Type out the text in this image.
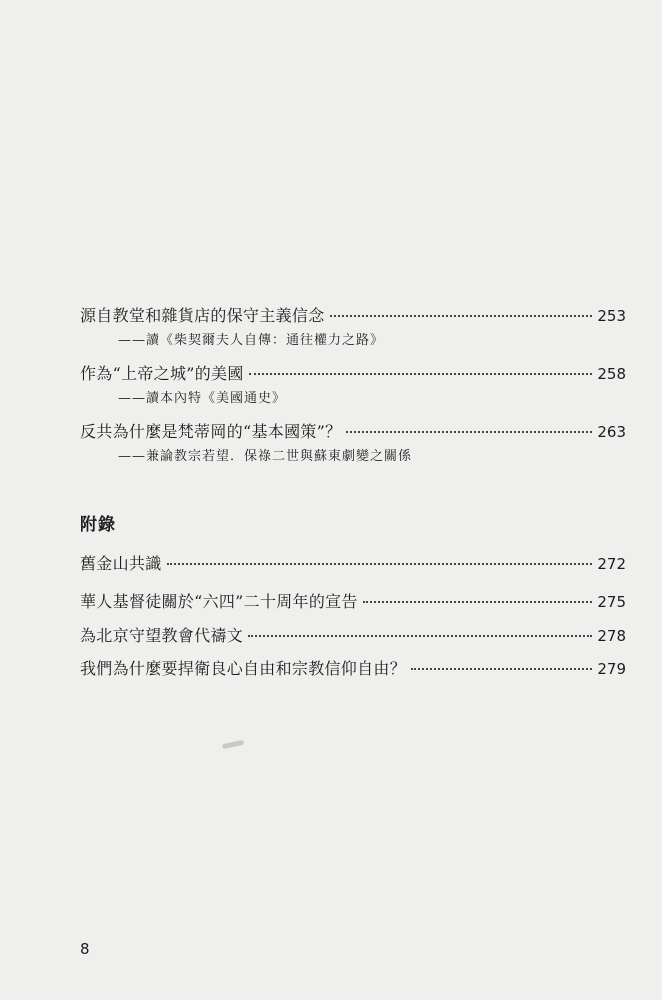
源自教堂和雜貨店的保守主義信念	253
——讀《柴契爾夫人自傳：通往權力之路》
作為“上帝之城”的美國	258
——讀本內特《美國通史》
反共為什麼是梵蒂岡的“基本國策”？	263
——兼論教宗若望．保祿二世與蘇東劇變之關係
附錄
舊金山共識	272
華人基督徒關於“六四”二十周年的宣告	275
為北京守望教會代禱文	278
我們為什麼要捍衛良心自由和宗教信仰自由？	279
8
